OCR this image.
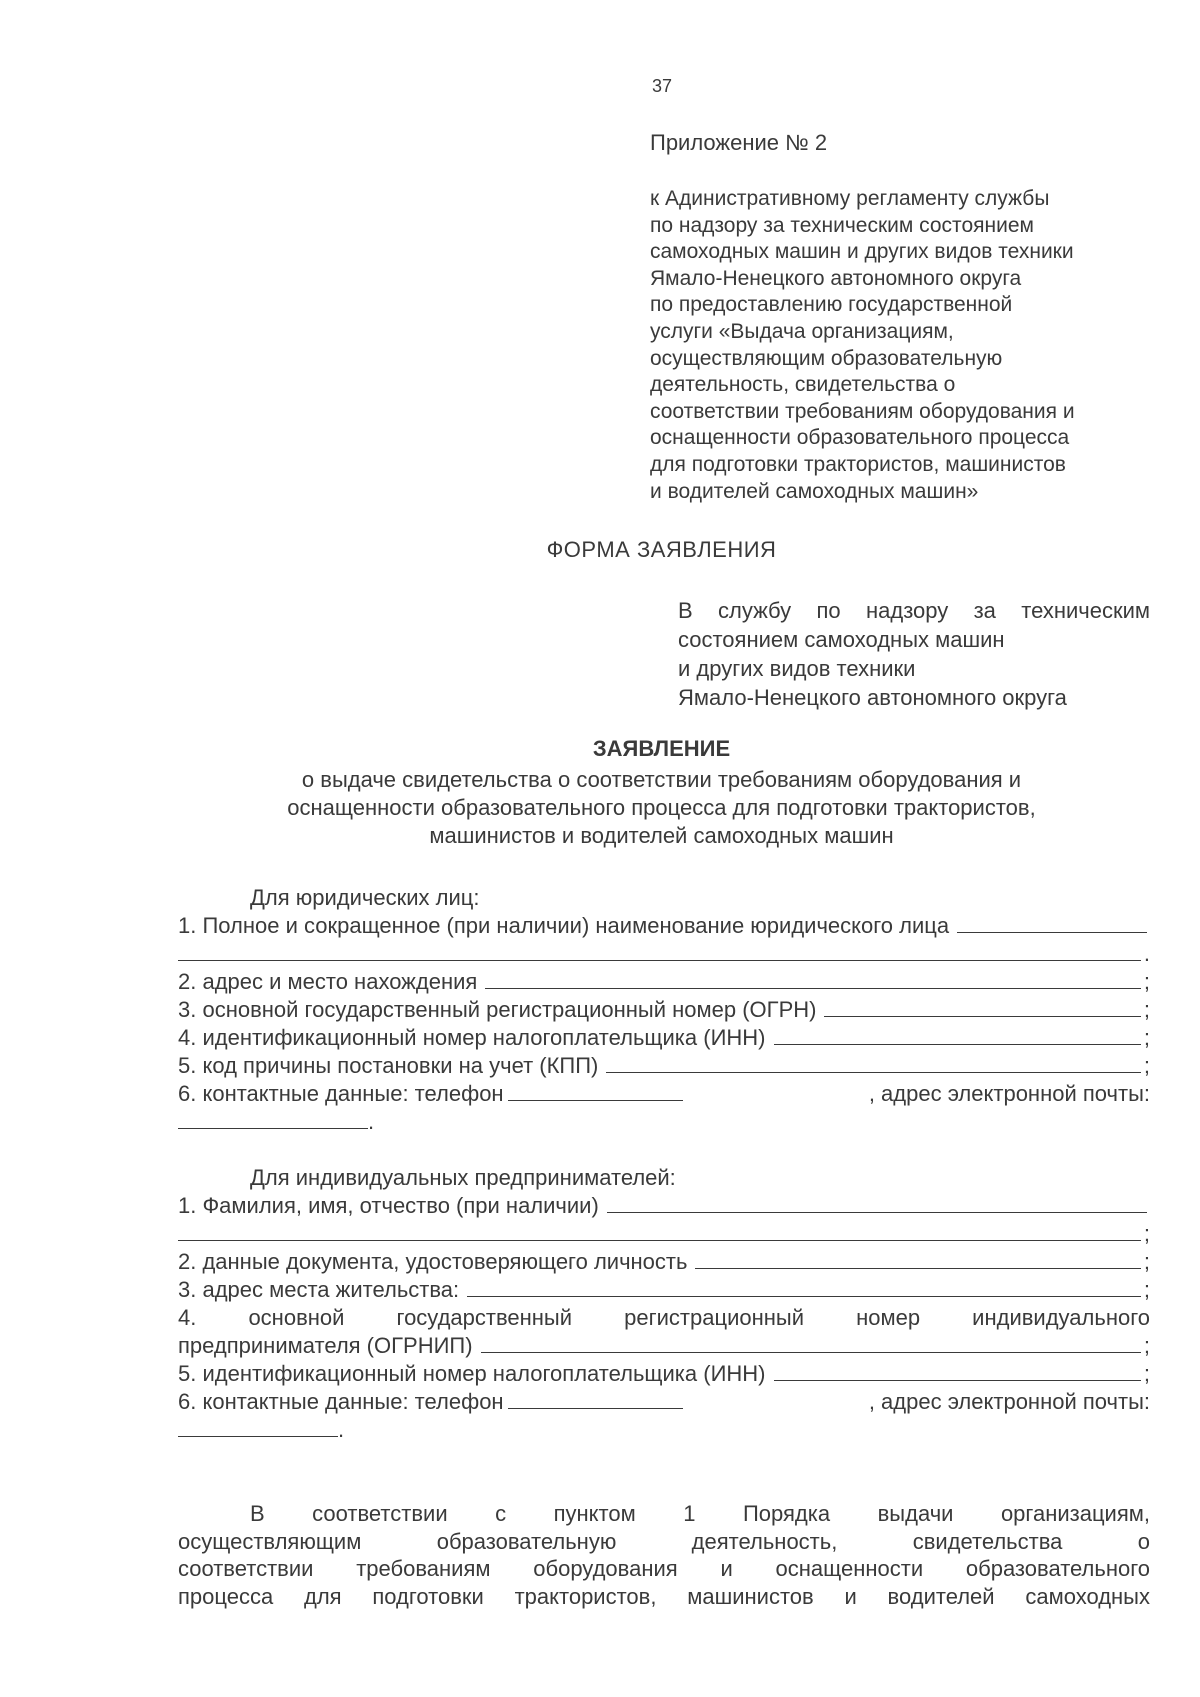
37
Приложение № 2
к Адинистративному регламенту службы
по надзору за техническим состоянием
самоходных машин и других видов техники
Ямало-Ненецкого автономного округа
по предоставлению государственной
услуги «Выдача организациям,
осуществляющим образовательную
деятельность, свидетельства о
соответствии требованиям оборудования и
оснащенности образовательного процесса
для подготовки трактористов, машинистов
и водителей самоходных машин»
ФОРМА ЗАЯВЛЕНИЯ
В службу по надзору за техническим
состоянием самоходных машин
и других видов техники
Ямало-Ненецкого автономного округа
ЗАЯВЛЕНИЕ
о выдаче свидетельства о соответствии требованиям оборудования и
оснащенности образовательного процесса для подготовки трактористов,
машинистов и водителей самоходных машин
Для юридических лиц:
1. Полное и сокращенное (при наличии) наименование юридического лица
.
2. адрес и место нахождения	;
3. основной государственный регистрационный номер (ОГРН)	;
4. идентификационный номер налогоплательщика (ИНН)	;
5. код причины постановки на учет (КПП)	;
6. контактные данные: телефон	, адрес электронной почты:
.
Для индивидуальных предпринимателей:
1. Фамилия, имя, отчество (при наличии)
;
2. данные документа, удостоверяющего личность	;
3. адрес места жительства:	;
4. основной государственный регистрационный номер индивидуального
предпринимателя (ОГРНИП)	;
5. идентификационный номер налогоплательщика (ИНН)	;
6. контактные данные: телефон	, адрес электронной почты:
.
В соответствии с пунктом 1 Порядка выдачи организациям,
осуществляющим образовательную деятельность, свидетельства о
соответствии требованиям оборудования и оснащенности образовательного
процесса для подготовки трактористов, машинистов и водителей самоходных
